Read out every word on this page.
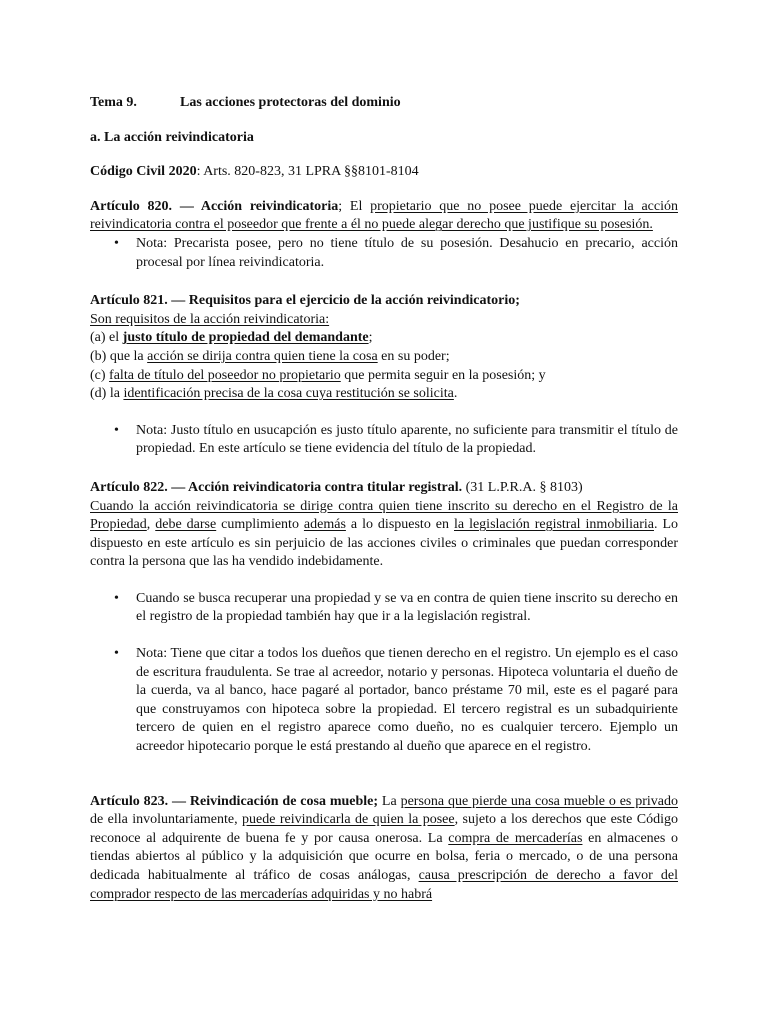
Tema 9.	Las acciones protectoras del dominio

a. La acción reivindicatoria

Código Civil 2020: Arts. 820-823, 31 LPRA §§8101-8104

Artículo 820. — Acción reivindicatoria; El propietario que no posee puede ejercitar la acción reivindicatoria contra el poseedor que frente a él no puede alegar derecho que justifique su posesión.

• Nota: Precarista posee, pero no tiene título de su posesión. Desahucio en precario, acción procesal por línea reivindicatoria.

Artículo 821. — Requisitos para el ejercicio de la acción reivindicatorio;

Son requisitos de la acción reivindicatoria:

(a) el justo título de propiedad del demandante;

(b) que la acción se dirija contra quien tiene la cosa en su poder;

(c) falta de título del poseedor no propietario que permita seguir en la posesión; y

(d) la identificación precisa de la cosa cuya restitución se solicita.

• Nota: Justo título en usucapción es justo título aparente, no suficiente para transmitir el título de propiedad. En este artículo se tiene evidencia del título de la propiedad.

Artículo 822. — Acción reivindicatoria contra titular registral. (31 L.P.R.A. § 8103)
Cuando la acción reivindicatoria se dirige contra quien tiene inscrito su derecho en el Registro de la Propiedad, debe darse cumplimiento además a lo dispuesto en la legislación registral inmobiliaria. Lo dispuesto en este artículo es sin perjuicio de las acciones civiles o criminales que puedan corresponder contra la persona que las ha vendido indebidamente.

• Cuando se busca recuperar una propiedad y se va en contra de quien tiene inscrito su derecho en el registro de la propiedad también hay que ir a la legislación registral.
• Nota: Tiene que citar a todos los dueños que tienen derecho en el registro. Un ejemplo es el caso de escritura fraudulenta. Se trae al acreedor, notario y personas. Hipoteca voluntaria el dueño de la cuerda, va al banco, hace pagaré al portador, banco préstame 70 mil, este es el pagaré para que construyamos con hipoteca sobre la propiedad. El tercero registral es un subadquiriente tercero de quien en el registro aparece como dueño, no es cualquier tercero. Ejemplo un acreedor hipotecario porque le está prestando al dueño que aparece en el registro.

Artículo 823. — Reivindicación de cosa mueble; La persona que pierde una cosa mueble o es privado de ella involuntariamente, puede reivindicarla de quien la posee, sujeto a los derechos que este Código reconoce al adquirente de buena fe y por causa onerosa. La compra de mercaderías en almacenes o tiendas abiertos al público y la adquisición que ocurre en bolsa, feria o mercado, o de una persona dedicada habitualmente al tráfico de cosas análogas, causa prescripción de derecho a favor del comprador respecto de las mercaderías adquiridas y no habrá
